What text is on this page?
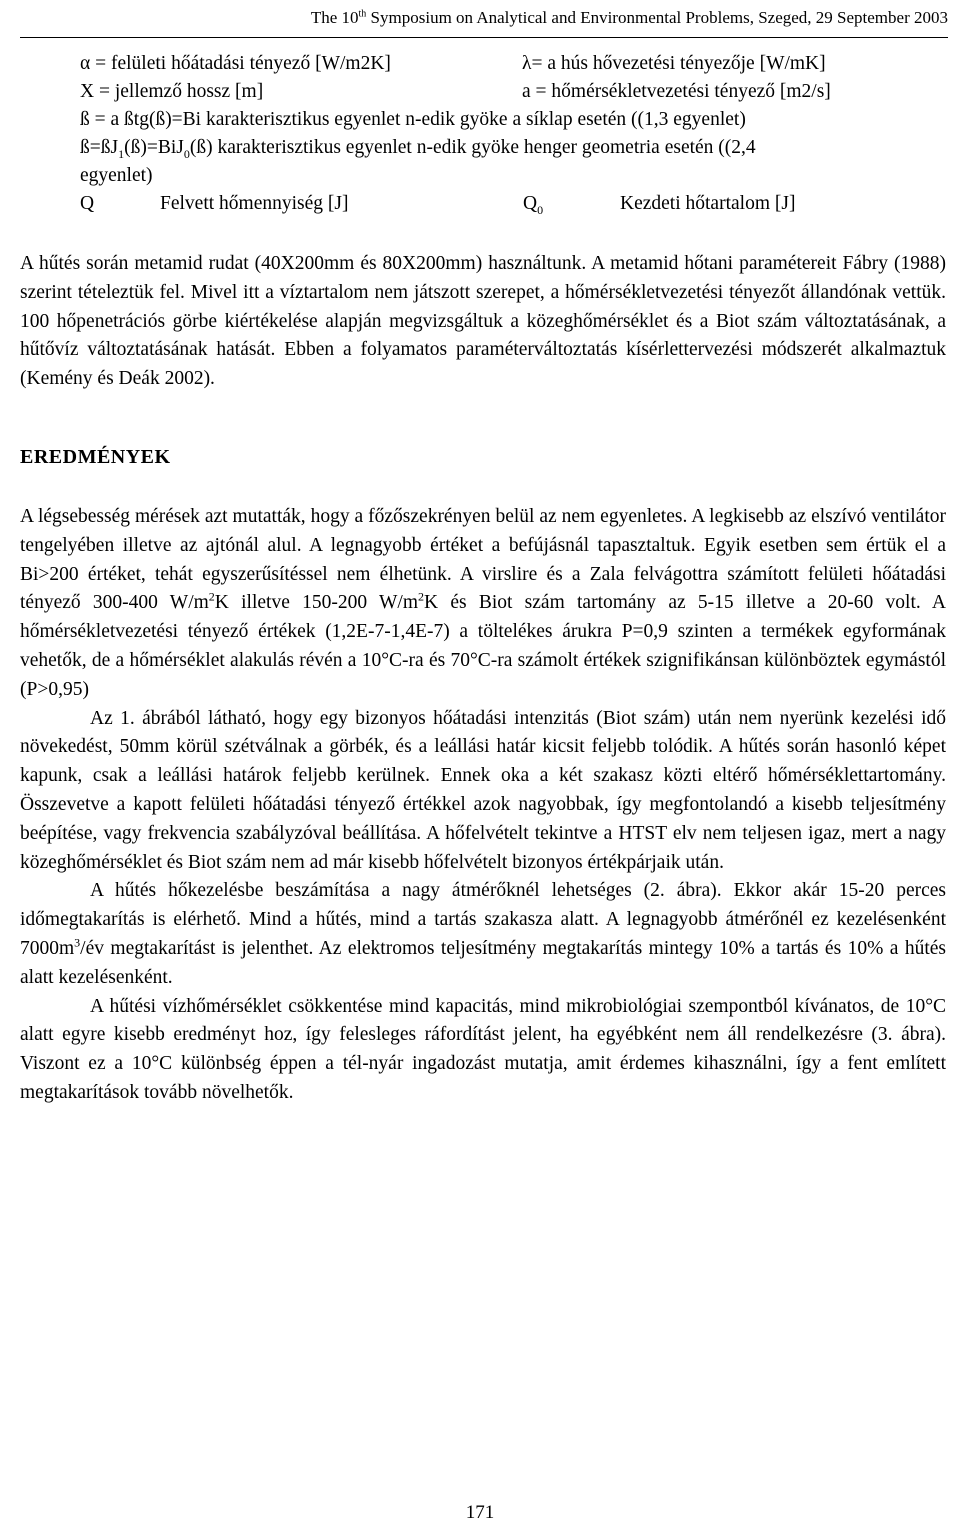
The 10th Symposium on Analytical and Environmental Problems, Szeged, 29 September 2003
α = felületi hőátadási tényező [W/m2K]	λ= a hús hővezetési tényezője [W/mK]
X = jellemző hossz [m]	a = hőmérsékletvezetési tényező [m2/s]
ß = a ßtg(ß)=Bi karakterisztikus egyenlet n-edik gyöke a síklap esetén ((1,3 egyenlet)
$ß=ßJ_1(ß)=BiJ_0(ß)$ karakterisztikus egyenlet n-edik gyöke henger geometria esetén ((2,4
egyenlet)
Q	Felvett hőmennyiség [J]	$Q_0$	Kezdeti hőtartalom [J]

A hűtés során metamid rudat (40X200mm és 80X200mm) használtunk. A metamid hőtani paramétereit Fábry (1988) szerint tételeztük fel. Mivel itt a víztartalom nem játszott szerepet, a hőmérsékletvezetési tényezőt állandónak vettük. 100 hőpenetrációs görbe kiértékelése alapján megvizsgáltuk a közeghőmérséklet és a Biot szám változtatásának, a hűtővíz változtatásának hatását. Ebben a folyamatos paraméterváltoztatás kísérlettervezési módszerét alkalmaztuk (Kemény és Deák 2002).

EREDMÉNYEK

A légsebesség mérések azt mutatták, hogy a főzőszekrényen belül az nem egyenletes. A legkisebb az elszívó ventilátor tengelyében illetve az ajtónál alul. A legnagyobb értéket a befújásnál tapasztaltuk. Egyik esetben sem értük el a Bi>200 értéket, tehát egyszerűsítéssel nem élhetünk. A virslire és a Zala felvágottra számított felületi hőátadási tényező 300-400 $W/m^2K$ illetve 150-200 $W/m^2K$ és Biot szám tartomány az 5-15 illetve a 20-60 volt. A hőmérsékletvezetési tényező értékek (1,2E-7-1,4E-7) a töltelékes árukra P=0,9 szinten a termékek egyformának vehetők, de a hőmérséklet alakulás révén a 10°C-ra és 70°C-ra számolt értékek szignifikánsan különböztek egymástól (P>0,95)

Az 1. ábrából látható, hogy egy bizonyos hőátadási intenzitás (Biot szám) után nem nyerünk kezelési idő növekedést, 50mm körül szétválnak a görbék, és a leállási határ kicsit feljebb tolódik. A hűtés során hasonló képet kapunk, csak a leállási határok feljebb kerülnek. Ennek oka a két szakasz közti eltérő hőmérséklettartomány. Összevetve a kapott felületi hőátadási tényező értékkel azok nagyobbak, így megfontolandó a kisebb teljesítmény beépítése, vagy frekvencia szabályzóval beállítása. A hőfelvételt tekintve a HTST elv nem teljesen igaz, mert a nagy közeghőmérséklet és Biot szám nem ad már kisebb hőfelvételt bizonyos értékpárjaik után.

A hűtés hőkezelésbe beszámítása a nagy átmérőknél lehetséges (2. ábra). Ekkor akár 15-20 perces időmegtakarítás is elérhető. Mind a hűtés, mind a tartás szakasza alatt. A legnagyobb átmérőnél ez kezelésenként $7000m^3/év$ megtakarítást is jelenthet. Az elektromos teljesítmény megtakarítás mintegy 10% a tartás és 10% a hűtés alatt kezelésenként.

A hűtési vízhőmérséklet csökkentése mind kapacitás, mind mikrobiológiai szempontból kívánatos, de 10°C alatt egyre kisebb eredményt hoz, így felesleges ráfordítást jelent, ha egyébként nem áll rendelkezésre (3. ábra). Viszont ez a 10°C különbség éppen a tél-nyár ingadozást mutatja, amit érdemes kihasználni, így a fent említett megtakarítások tovább növelhetők.

171
